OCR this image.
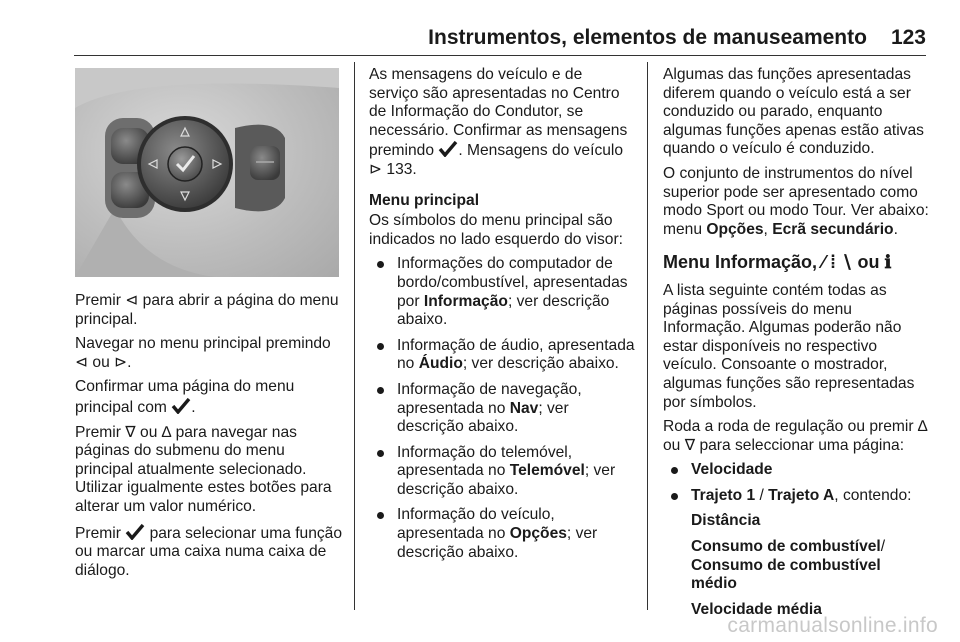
Instrumentos, elementos de manuseamento 123

Premir ⊲ para abrir a página do menu principal.

Navegar no menu principal premindo ⊲ ou ⊳.

Confirmar uma página do menu principal com .

Premir ∇ ou ∆ para navegar nas páginas do submenu do menu principal atualmente selecionado. Utilizar igualmente estes botões para alterar um valor numérico.

Premir  para selecionar uma função ou marcar uma caixa numa caixa de diálogo.

As mensagens do veículo e de serviço são apresentadas no Centro de Informação do Condutor, se necessário. Confirmar as mensagens premindo . Mensagens do veículo ⊳ 133.

Menu principal

Os símbolos do menu principal são indicados no lado esquerdo do visor:

Informações do computador de bordo/combustível, apresentadas por Informação; ver descrição abaixo.
Informação de áudio, apresentada no Áudio; ver descrição abaixo.
Informação de navegação, apresentada no Nav; ver descrição abaixo.
Informação do telemóvel, apresentada no Telemóvel; ver descrição abaixo.
Informação do veículo, apresentada no Opções; ver descrição abaixo.

Algumas das funções apresentadas diferem quando o veículo está a ser conduzido ou parado, enquanto algumas funções apenas estão ativas quando o veículo é conduzido.

O conjunto de instrumentos do nível superior pode ser apresentado como modo Sport ou modo Tour. Ver abaixo: menu Opções, Ecrã secundário.

Menu Informação, ⁄ ⁞ ∖ ou ℹ

A lista seguinte contém todas as páginas possíveis do menu Informação. Algumas poderão não estar disponíveis no respectivo veículo. Consoante o mostrador, algumas funções são representadas por símbolos.

Roda a roda de regulação ou premir ∆ ou ∇ para seleccionar uma página:

Velocidade
Trajeto 1 / Trajeto A, contendo:
Distância
Consumo de combustível/
Consumo de combustível médio
Velocidade média
carmanualsonline.info
